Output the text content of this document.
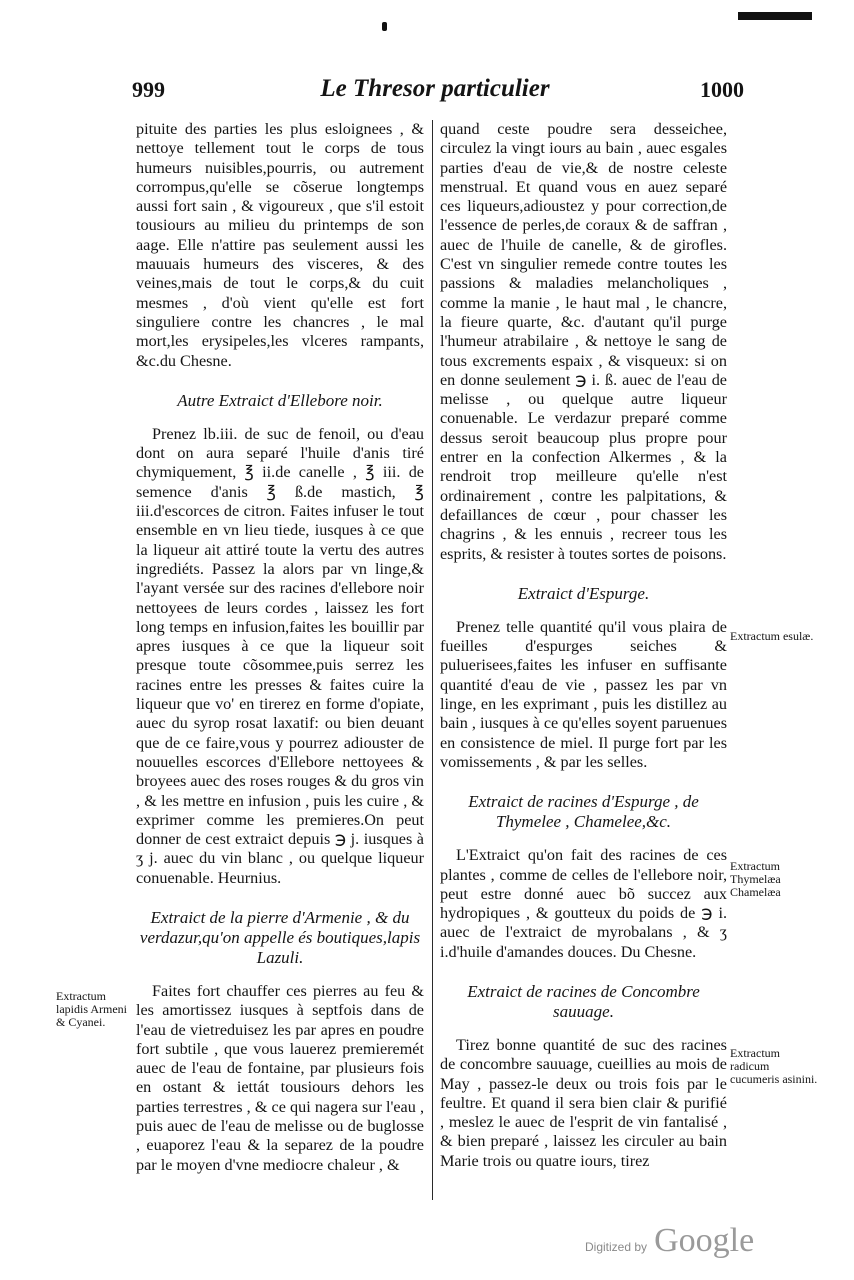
999	Le Thresor particulier	1000

pituite des parties les plus esloignees , & nettoye tellement tout le corps de tous humeurs nuisibles,pourris, ou autrement corrompus,qu'elle se cõserue longtemps aussi fort sain , & vigoureux , que s'il estoit tousiours au milieu du printemps de son aage. Elle n'attire pas seulement aussi les mauuais humeurs des visceres, & des veines,mais de tout le corps,& du cuit mesmes , d'où vient qu'elle est fort singuliere contre les chancres , le mal mort,les erysipeles,les vlceres rampants, &c.du Chesne.

Autre Extraict d'Ellebore noir.

Prenez lb.iii. de suc de fenoil, ou d'eau dont on aura separé l'huile d'anis tiré chymiquement, ℥ ii.de canelle , ℥ iii. de semence d'anis ℥ ß.de mastich, ℥ iii.d'escorces de citron. Faites infuser le tout ensemble en vn lieu tiede, iusques à ce que la liqueur ait attiré toute la vertu des autres ingrediéts. Passez la alors par vn linge,& l'ayant versée sur des racines d'ellebore noir nettoyees de leurs cordes , laissez les fort long temps en infusion,faites les bouillir par apres iusques à ce que la liqueur soit presque toute cõsommee,puis serrez les racines entre les presses & faites cuire la liqueur que vo' en tirerez en forme d'opiate, auec du syrop rosat laxatif: ou bien deuant que de ce faire,vous y pourrez adiouster de nouuelles escorces d'Ellebore nettoyees & broyees auec des roses rouges & du gros vin , & les mettre en infusion , puis les cuire , & exprimer comme les premieres.On peut donner de cest extraict depuis ℈ j. iusques à ʒ j. auec du vin blanc , ou quelque liqueur conuenable. Heurnius.

Extraict de la pierre d'Armenie , & du verdazur,qu'on appelle és boutiques,lapis Lazuli.

Faites fort chauffer ces pierres au feu & les amortissez iusques à septfois dans de l'eau de vietreduisez les par apres en poudre fort subtile , que vous lauerez premieremét auec de l'eau de fontaine, par plusieurs fois en ostant & iettát tousiours dehors les parties terrestres , & ce qui nagera sur l'eau , puis auec de l'eau de melisse ou de buglosse , euaporez l'eau & la separez de la poudre par le moyen d'vne mediocre chaleur , &

quand ceste poudre sera desseichee, circulez la vingt iours au bain , auec esgales parties d'eau de vie,& de nostre celeste menstrual. Et quand vous en auez separé ces liqueurs,adioustez y pour correction,de l'essence de perles,de coraux & de saffran , auec de l'huile de canelle, & de girofles. C'est vn singulier remede contre toutes les passions & maladies melancholiques , comme la manie , le haut mal , le chancre, la fieure quarte, &c. d'autant qu'il purge l'humeur atrabilaire , & nettoye le sang de tous excrements espaix , & visqueux: si on en donne seulement ℈ i. ß. auec de l'eau de melisse , ou quelque autre liqueur conuenable. Le verdazur preparé comme dessus seroit beaucoup plus propre pour entrer en la confection Alkermes , & la rendroit trop meilleure qu'elle n'est ordinairement , contre les palpitations, & defaillances de cœur , pour chasser les chagrins , & les ennuis , recreer tous les esprits, & resister à toutes sortes de poisons.

Extraict d'Espurge.

Prenez telle quantité qu'il vous plaira de fueilles d'espurges seiches & puluerisees,faites les infuser en suffisante quantité d'eau de vie , passez les par vn linge, en les exprimant , puis les distillez au bain , iusques à ce qu'elles soyent paruenues en consistence de miel. Il purge fort par les vomissements , & par les selles.

Extraict de racines d'Espurge , de Thymelee , Chamelee,&c.

L'Extraict qu'on fait des racines de ces plantes , comme de celles de l'ellebore noir, peut estre donné auec bõ succez aux hydropiques , & goutteux du poids de ℈ i. auec de l'extraict de myrobalans , & ʒ i.d'huile d'amandes douces. Du Chesne.

Extraict de racines de Concombre sauuage.

Tirez bonne quantité de suc des racines de concombre sauuage, cueillies au mois de May , passez-le deux ou trois fois par le feultre. Et quand il sera bien clair & purifié , meslez le auec de l'esprit de vin fantalisé , & bien preparé , laissez les circuler au bain Marie trois ou quatre iours, tirez

Extractum lapidis Armeni & Cyanei.
Extractum esulæ.
Extractum Thymelæa Chamelæa
Extractum radicum cucumeris asinini.
Digitized by Google
